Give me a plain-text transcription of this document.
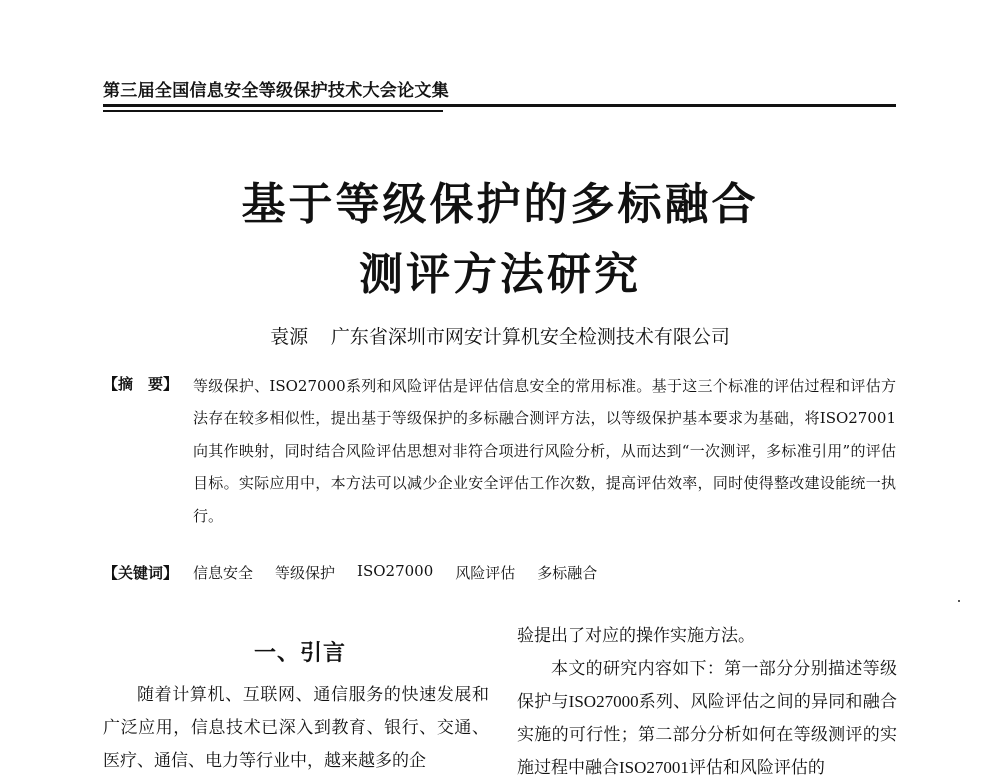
第三届全国信息安全等级保护技术大会论文集
基于等级保护的多标融合
测评方法研究
袁源 广东省深圳市网安计算机安全检测技术有限公司
【摘　要】 等级保护、ISO27000系列和风险评估是评估信息安全的常用标准。基于这三个标准的评估过程和评估方法存在较多相似性，提出基于等级保护的多标融合测评方法，以等级保护基本要求为基础，将ISO27001向其作映射，同时结合风险评估思想对非符合项进行风险分析，从而达到“一次测评，多标准引用”的评估目标。实际应用中，本方法可以减少企业安全评估工作次数，提高评估效率，同时使得整改建设能统一执行。
【关键词】 信息安全 等级保护 ISO27000 风险评估 多标融合
一、引言

随着计算机、互联网、通信服务的快速发展和广泛应用，信息技术已深入到教育、银行、交通、医疗、通信、电力等行业中，越来越多的企

验提出了对应的操作实施方法。

本文的研究内容如下：第一部分分别描述等级保护与ISO27000系列、风险评估之间的异同和融合实施的可行性；第二部分分析如何在等级测评的实施过程中融合ISO27001评估和风险评估的
